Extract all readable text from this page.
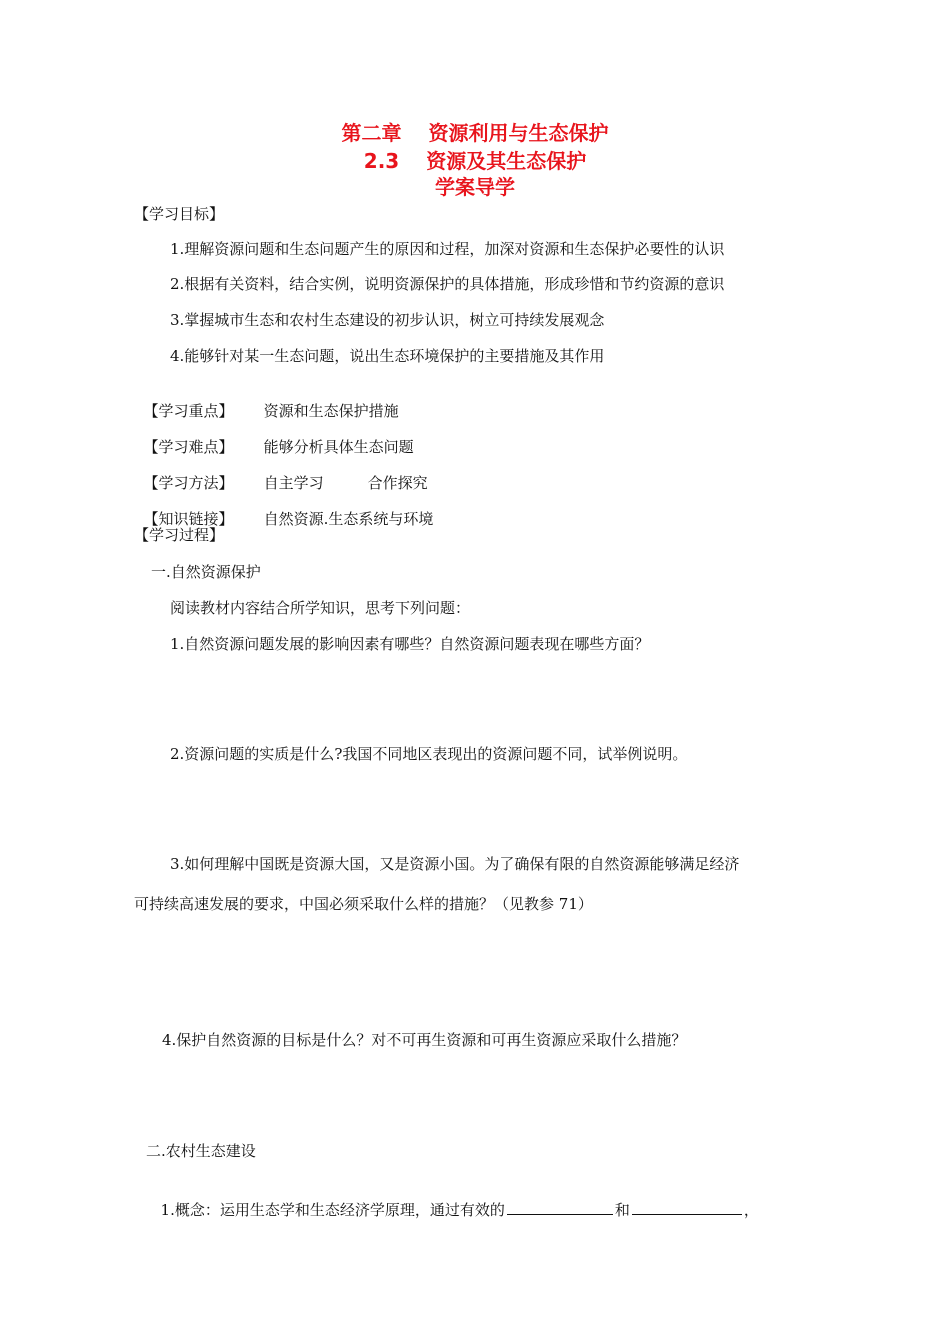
第二章　 资源利用与生态保护
2.3　 资源及其生态保护
学案导学
【学习目标】
1.理解资源问题和生态问题产生的原因和过程，加深对资源和生态保护必要性的认识
2.根据有关资料，结合实例，说明资源保护的具体措施，形成珍惜和节约资源的意识
3.掌握城市生态和农村生态建设的初步认识，树立可持续发展观念
4.能够针对某一生态问题，说出生态环境保护的主要措施及其作用

【学习重点】 资源和生态保护措施

【学习难点】 能够分析具体生态问题

【学习方法】 自主学习	合作探究

【知识链接】 自然资源.生态系统与环境

【学习过程】
一.自然资源保护
阅读教材内容结合所学知识，思考下列问题：
1.自然资源问题发展的影响因素有哪些？自然资源问题表现在哪些方面？
2.资源问题的实质是什么?我国不同地区表现出的资源问题不同，试举例说明。
3.如何理解中国既是资源大国，又是资源小国。为了确保有限的自然资源能够满足经济
可持续高速发展的要求，中国必须采取什么样的措施？（见教参 71）
4.保护自然资源的目标是什么？对不可再生资源和可再生资源应采取什么措施？
二.农村生态建设

1.概念：运用生态学和生态经济学原理，通过有效的	和	，
